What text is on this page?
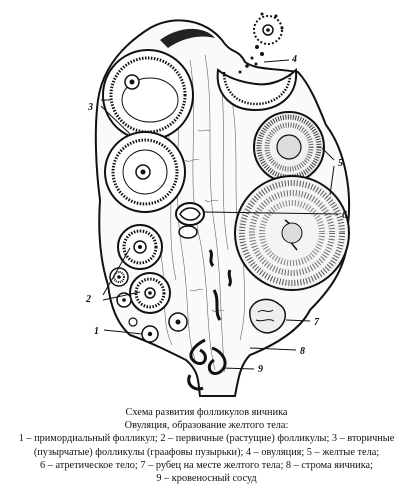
3
4
5
6
2
1
7
8
9
Схема развития фолликулов яичника
Овуляция, образование желтого тела:
1 – примордиальный фолликул; 2 – первичные (растущие) фолликулы; 3 – вторичные
(пузырчатые) фолликулы (граафовы пузырьки); 4 – овуляция; 5 – желтые тела;
6 – атретическое тело; 7 – рубец на месте желтого тела; 8 – строма яичника;
9 – кровеносный сосуд
